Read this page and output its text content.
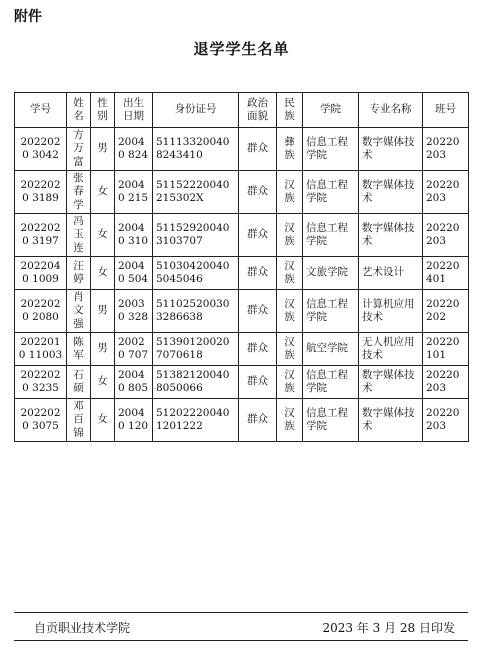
附件
退学学生名单
学号	姓名	性别	出生日期	身份证号	政治面貌	民族	学院	专业名称	班号
2022020 3042	方万富	男	20040 824	51113320040 8243410	群众	彝族	信息工程学院	数字媒体技术	20220 203
2022020 3189	张春学	女	20040 215	51152220040 215302X	群众	汉族	信息工程学院	数字媒体技术	20220 203
2022020 3197	冯玉连	女	20040 310	51152920040 3103707	群众	汉族	信息工程学院	数字媒体技术	20220 203
2022040 1009	汪婷	女	20040 504	51030420040 5045046	群众	汉族	文旅学院	艺术设计	20220 401
2022020 2080	肖文强	男	20030 328	51102520030 3286638	群众	汉族	信息工程学院	计算机应用技术	20220 202
2022010 11003	陈军	男	20020 707	51390120020 7070618	群众	汉族	航空学院	无人机应用技术	20220 101
2022020 3235	石硕	女	20040 805	51382120040 8050066	群众	汉族	信息工程学院	数字媒体技术	20220 203
2022020 3075	邓百锦	女	20040 120	51202220040 1201222	群众	汉族	信息工程学院	数字媒体技术	20220 203
自贡职业技术学院	2023 年 3 月 28 日印发
